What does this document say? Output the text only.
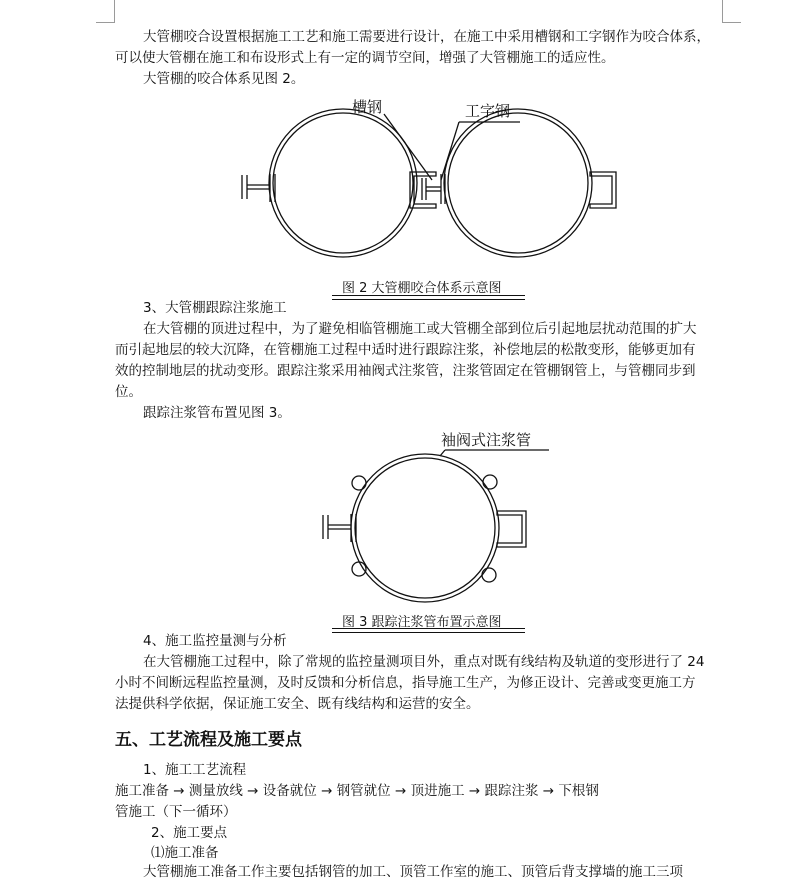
大管棚咬合设置根据施工工艺和施工需要进行设计，在施工中采用槽钢和工字钢作为咬合体系，
可以使大管棚在施工和布设形式上有一定的调节空间，增强了大管棚施工的适应性。
大管棚的咬合体系见图 2。
槽钢	工字钢
图 2 大管棚咬合体系示意图
3、大管棚跟踪注浆施工
在大管棚的顶进过程中，为了避免相临管棚施工或大管棚全部到位后引起地层扰动范围的扩大
而引起地层的较大沉降，在管棚施工过程中适时进行跟踪注浆，补偿地层的松散变形，能够更加有
效的控制地层的扰动变形。跟踪注浆采用袖阀式注浆管，注浆管固定在管棚钢管上，与管棚同步到
位。
跟踪注浆管布置见图 3。
袖阀式注浆管
图 3 跟踪注浆管布置示意图
4、施工监控量测与分析
在大管棚施工过程中，除了常规的监控量测项目外，重点对既有线结构及轨道的变形进行了 24
小时不间断远程监控量测，及时反馈和分析信息，指导施工生产，为修正设计、完善或变更施工方
法提供科学依据，保证施工安全、既有线结构和运营的安全。
五、工艺流程及施工要点
1、施工工艺流程
施工准备 → 测量放线 → 设备就位 → 钢管就位 → 顶进施工 → 跟踪注浆 → 下根钢
管施工（下一循环）
2、施工要点
⑴施工准备
大管棚施工准备工作主要包括钢管的加工、顶管工作室的施工、顶管后背支撑墙的施工三项
